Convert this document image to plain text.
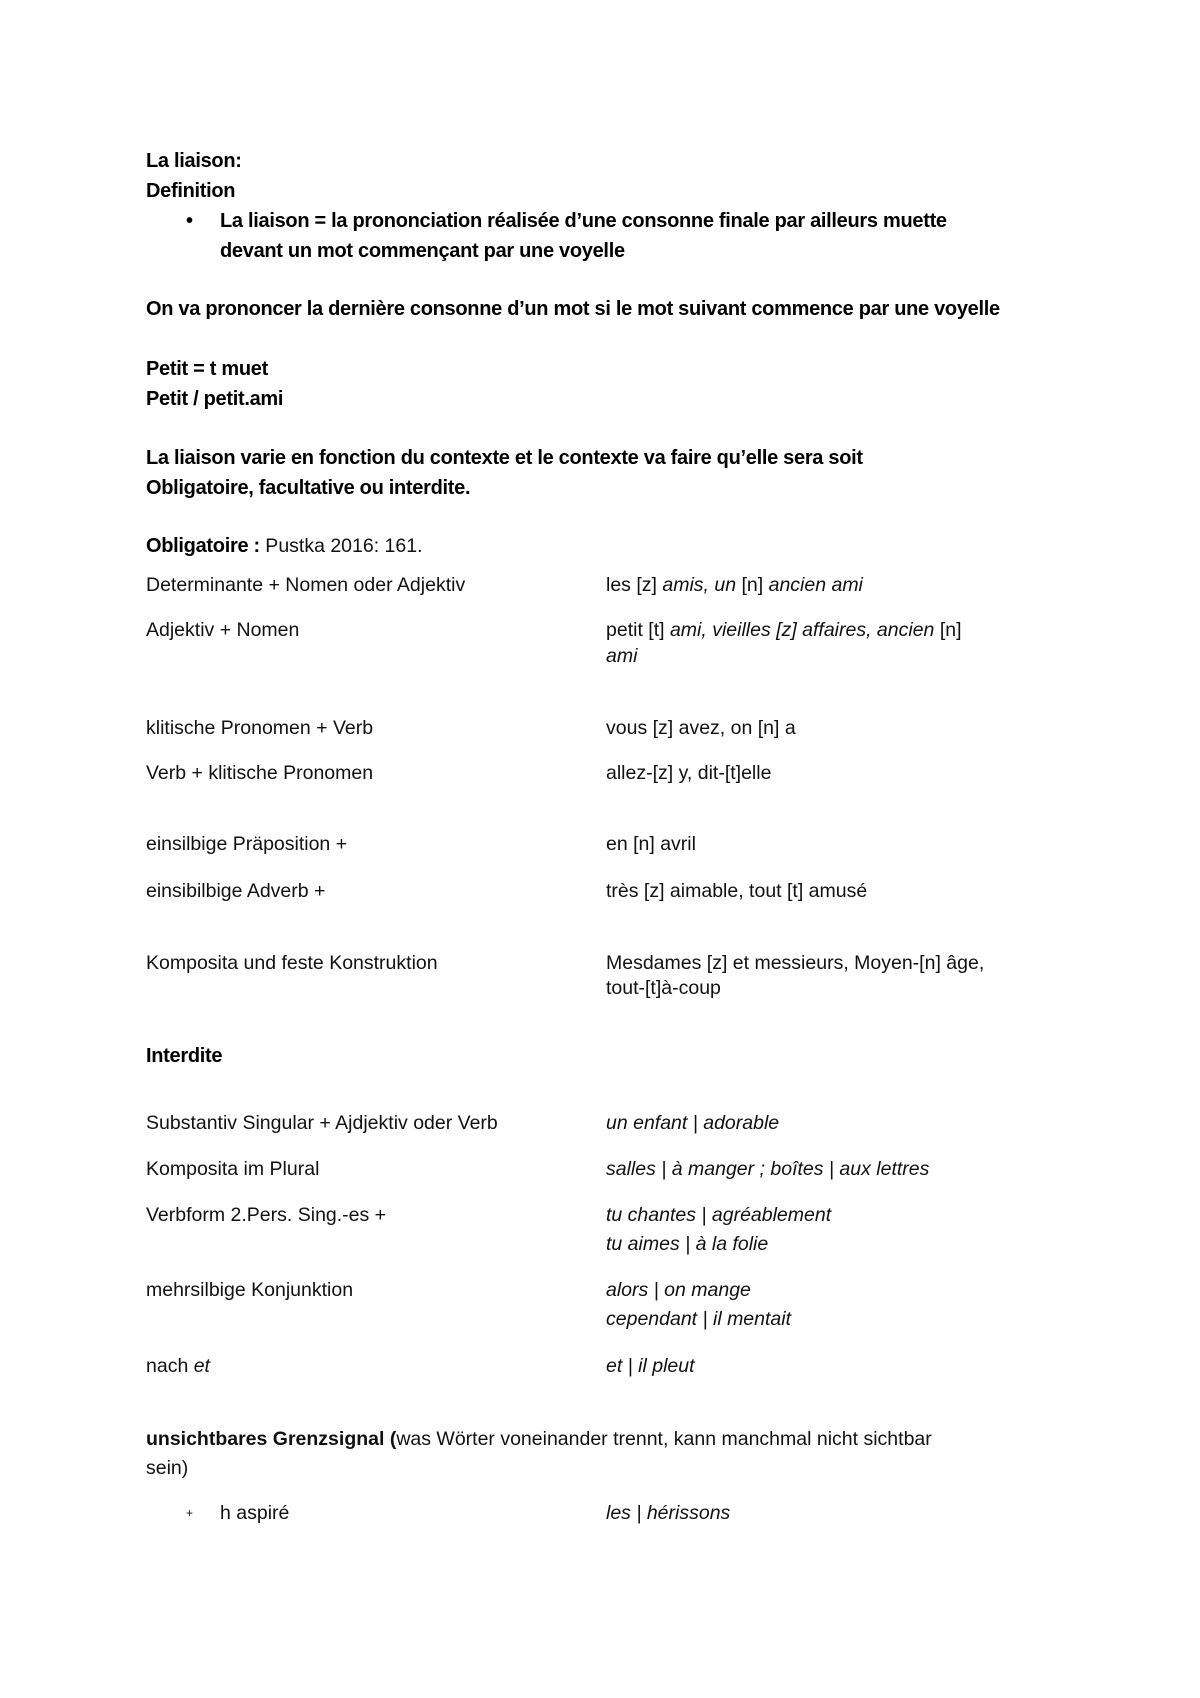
La liaison:
Definition
• La liaison = la prononciation réalisée d’une consonne finale par ailleurs muette
devant un mot commençant par une voyelle
On va prononcer la dernière consonne d’un mot si le mot suivant commence par une voyelle
Petit = t muet
Petit / petit.ami
La liaison varie en fonction du contexte et le contexte va faire qu’elle sera soit
Obligatoire, facultative ou interdite.
Obligatoire : Pustka 2016: 161.
Determinante + Nomen oder Adjektiv	les [z] amis, un [n] ancien ami
Adjektiv + Nomen	petit [t] ami, vieilles [z] affaires, ancien [n]
ami
klitische Pronomen + Verb	vous [z] avez, on [n] a
Verb + klitische Pronomen	allez-[z] y, dit-[t]elle
einsilbige Präposition +	en [n] avril
einsibilbige Adverb +	très [z] aimable, tout [t] amusé
Komposita und feste Konstruktion	Mesdames [z] et messieurs, Moyen-[n] âge,
tout-[t]à-coup
Interdite
Substantiv Singular + Ajdjektiv oder Verb	un enfant | adorable
Komposita im Plural	salles | à manger ; boîtes | aux lettres
Verbform 2.Pers. Sing.-es +	tu chantes | agréablement
tu aimes | à la folie
mehrsilbige Konjunktion	alors | on mange
cependant | il mentait
nach et	et | il pleut
unsichtbares Grenzsignal (was Wörter voneinander trennt, kann manchmal nicht sichtbar
sein)
+ h aspiré	les | hérissons
